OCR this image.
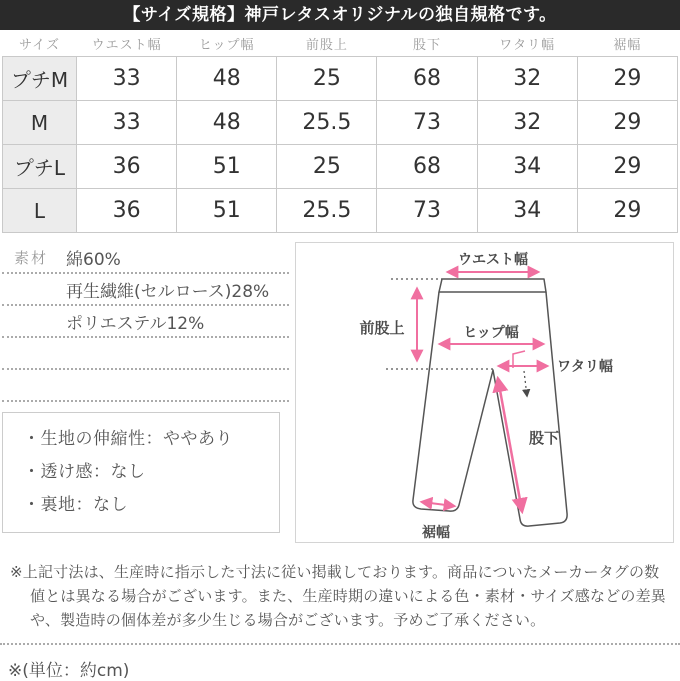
【サイズ規格】神戸レタスオリジナルの独自規格です。
サイズ	ウエスト幅	ヒップ幅	前股上	股下	ワタリ幅	裾幅
プチM	33	48	25	68	32	29
M	33	48	25.5	73	32	29
プチL	36	51	25	68	34	29
L	36	51	25.5	73	34	29
素材	綿60%
再生繊維(セルロース)28%
ポリエステル12%
・生地の伸縮性：ややあり
・透け感：なし
・裏地：なし
ウエスト幅
前股上	ヒップ幅
ワタリ幅
股下
裾幅
※上記寸法は、生産時に指示した寸法に従い掲載しております。商品についたメーカータグの数値とは異なる場合がございます。また、生産時期の違いによる色・素材・サイズ感などの差異や、製造時の個体差が多少生じる場合がございます。予めご了承ください。
※(単位：約cm)
